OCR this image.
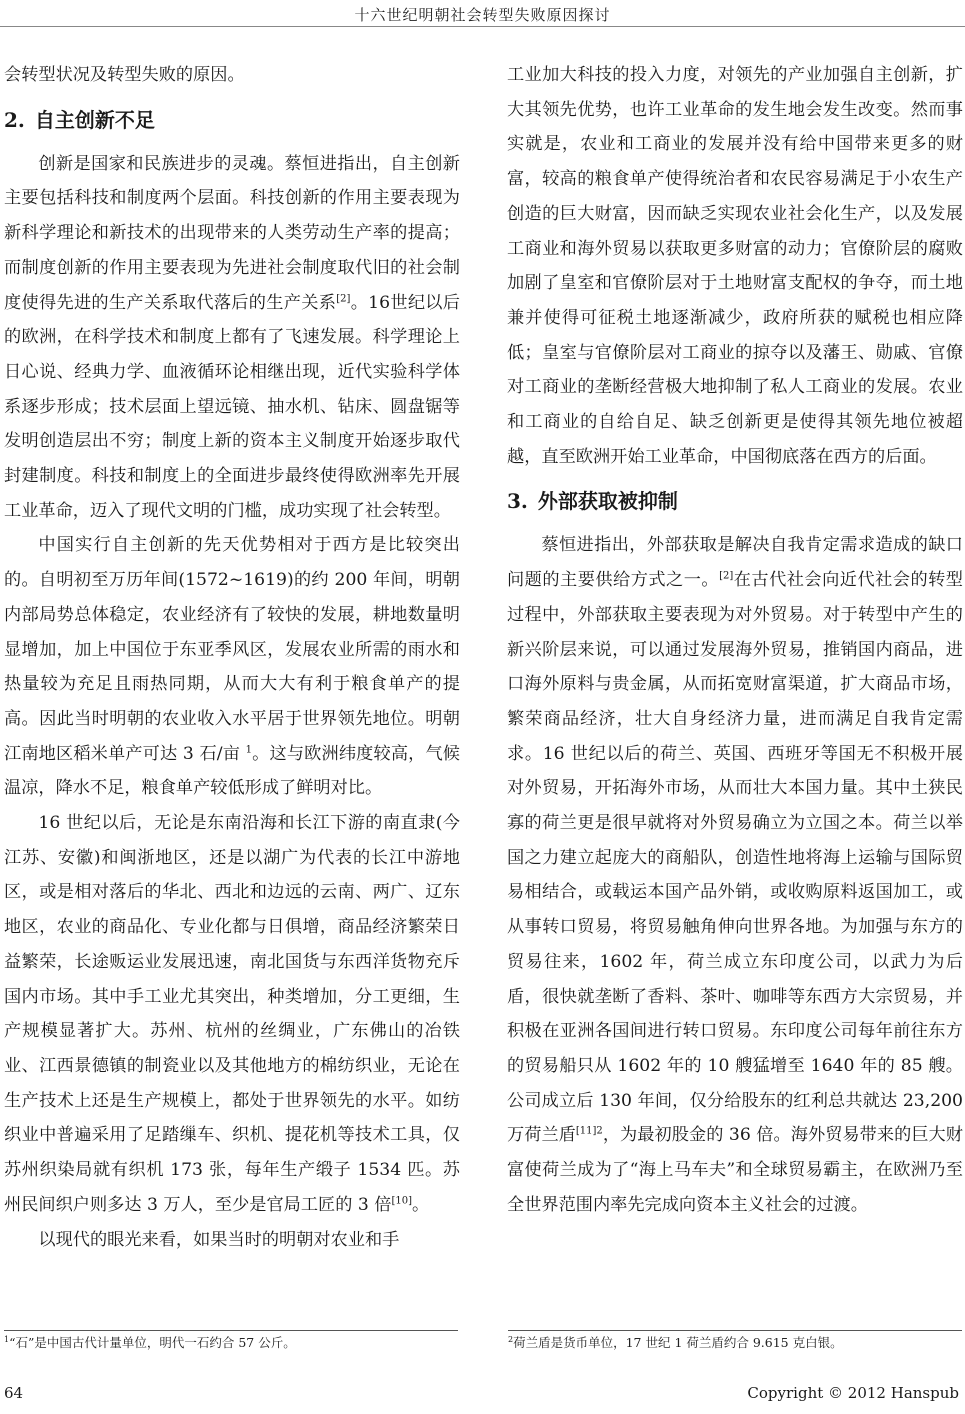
十六世纪明朝社会转型失败原因探讨

会转型状况及转型失败的原因。

2. 自主创新不足

创新是国家和民族进步的灵魂。蔡恒进指出，自主创新主要包括科技和制度两个层面。科技创新的作用主要表现为新科学理论和新技术的出现带来的人类劳动生产率的提高；而制度创新的作用主要表现为先进社会制度取代旧的社会制度使得先进的生产关系取代落后的生产关系[2]。16世纪以后的欧洲，在科学技术和制度上都有了飞速发展。科学理论上日心说、经典力学、血液循环论相继出现，近代实验科学体系逐步形成；技术层面上望远镜、抽水机、钻床、圆盘锯等发明创造层出不穷；制度上新的资本主义制度开始逐步取代封建制度。科技和制度上的全面进步最终使得欧洲率先开展工业革命，迈入了现代文明的门槛，成功实现了社会转型。

中国实行自主创新的先天优势相对于西方是比较突出的。自明初至万历年间(1572~1619)的约 200 年间，明朝内部局势总体稳定，农业经济有了较快的发展，耕地数量明显增加，加上中国位于东亚季风区，发展农业所需的雨水和热量较为充足且雨热同期，从而大大有利于粮食单产的提高。因此当时明朝的农业收入水平居于世界领先地位。明朝江南地区稻米单产可达 3 石/亩 $^1$。这与欧洲纬度较高，气候温凉，降水不足，粮食单产较低形成了鲜明对比。

16 世纪以后，无论是东南沿海和长江下游的南直隶(今江苏、安徽)和闽浙地区，还是以湖广为代表的长江中游地区，或是相对落后的华北、西北和边远的云南、两广、辽东地区，农业的商品化、专业化都与日俱增，商品经济繁荣日益繁荣，长途贩运业发展迅速，南北国货与东西洋货物充斥国内市场。其中手工业尤其突出，种类增加，分工更细，生产规模显著扩大。苏州、杭州的丝绸业，广东佛山的冶铁业、江西景德镇的制瓷业以及其他地方的棉纺织业，无论在生产技术上还是生产规模上，都处于世界领先的水平。如纺织业中普遍采用了足踏缫车、织机、提花机等技术工具，仅苏州织染局就有织机 173 张，每年生产缎子 1534 匹。苏州民间织户则多达 3 万人，至少是官局工匠的 3 倍[10]。

以现代的眼光来看，如果当时的明朝对农业和手

工业加大科技的投入力度，对领先的产业加强自主创新，扩大其领先优势，也许工业革命的发生地会发生改变。然而事实就是，农业和工商业的发展并没有给中国带来更多的财富，较高的粮食单产使得统治者和农民容易满足于小农生产创造的巨大财富，因而缺乏实现农业社会化生产，以及发展工商业和海外贸易以获取更多财富的动力；官僚阶层的腐败加剧了皇室和官僚阶层对于土地财富支配权的争夺，而土地兼并使得可征税土地逐渐减少，政府所获的赋税也相应降低；皇室与官僚阶层对工商业的掠夺以及藩王、勋戚、官僚对工商业的垄断经营极大地抑制了私人工商业的发展。农业和工商业的自给自足、缺乏创新更是使得其领先地位被超越，直至欧洲开始工业革命，中国彻底落在西方的后面。

3. 外部获取被抑制

蔡恒进指出，外部获取是解决自我肯定需求造成的缺口问题的主要供给方式之一。[2]在古代社会向近代社会的转型过程中，外部获取主要表现为对外贸易。对于转型中产生的新兴阶层来说，可以通过发展海外贸易，推销国内商品，进口海外原料与贵金属，从而拓宽财富渠道，扩大商品市场，繁荣商品经济，壮大自身经济力量，进而满足自我肯定需求。16 世纪以后的荷兰、英国、西班牙等国无不积极开展对外贸易，开拓海外市场，从而壮大本国力量。其中土狭民寡的荷兰更是很早就将对外贸易确立为立国之本。荷兰以举国之力建立起庞大的商船队，创造性地将海上运输与国际贸易相结合，或载运本国产品外销，或收购原料返国加工，或从事转口贸易，将贸易触角伸向世界各地。为加强与东方的贸易往来，1602 年，荷兰成立东印度公司，以武力为后盾，很快就垄断了香料、茶叶、咖啡等东西方大宗贸易，并积极在亚洲各国间进行转口贸易。东印度公司每年前往东方的贸易船只从 1602 年的 10 艘猛增至 1640 年的 85 艘。公司成立后 130 年间，仅分给股东的红利总共就达 23,200 万荷兰盾$^{[11]2}$，为最初股金的 36 倍。海外贸易带来的巨大财富使荷兰成为了“海上马车夫”和全球贸易霸主，在欧洲乃至全世界范围内率先完成向资本主义社会的过渡。

$^1$“石”是中国古代计量单位，明代一石约合 57 公斤。	$^2$荷兰盾是货币单位，17 世纪 1 荷兰盾约合 9.615 克白银。
64	Copyright © 2012 Hanspub
